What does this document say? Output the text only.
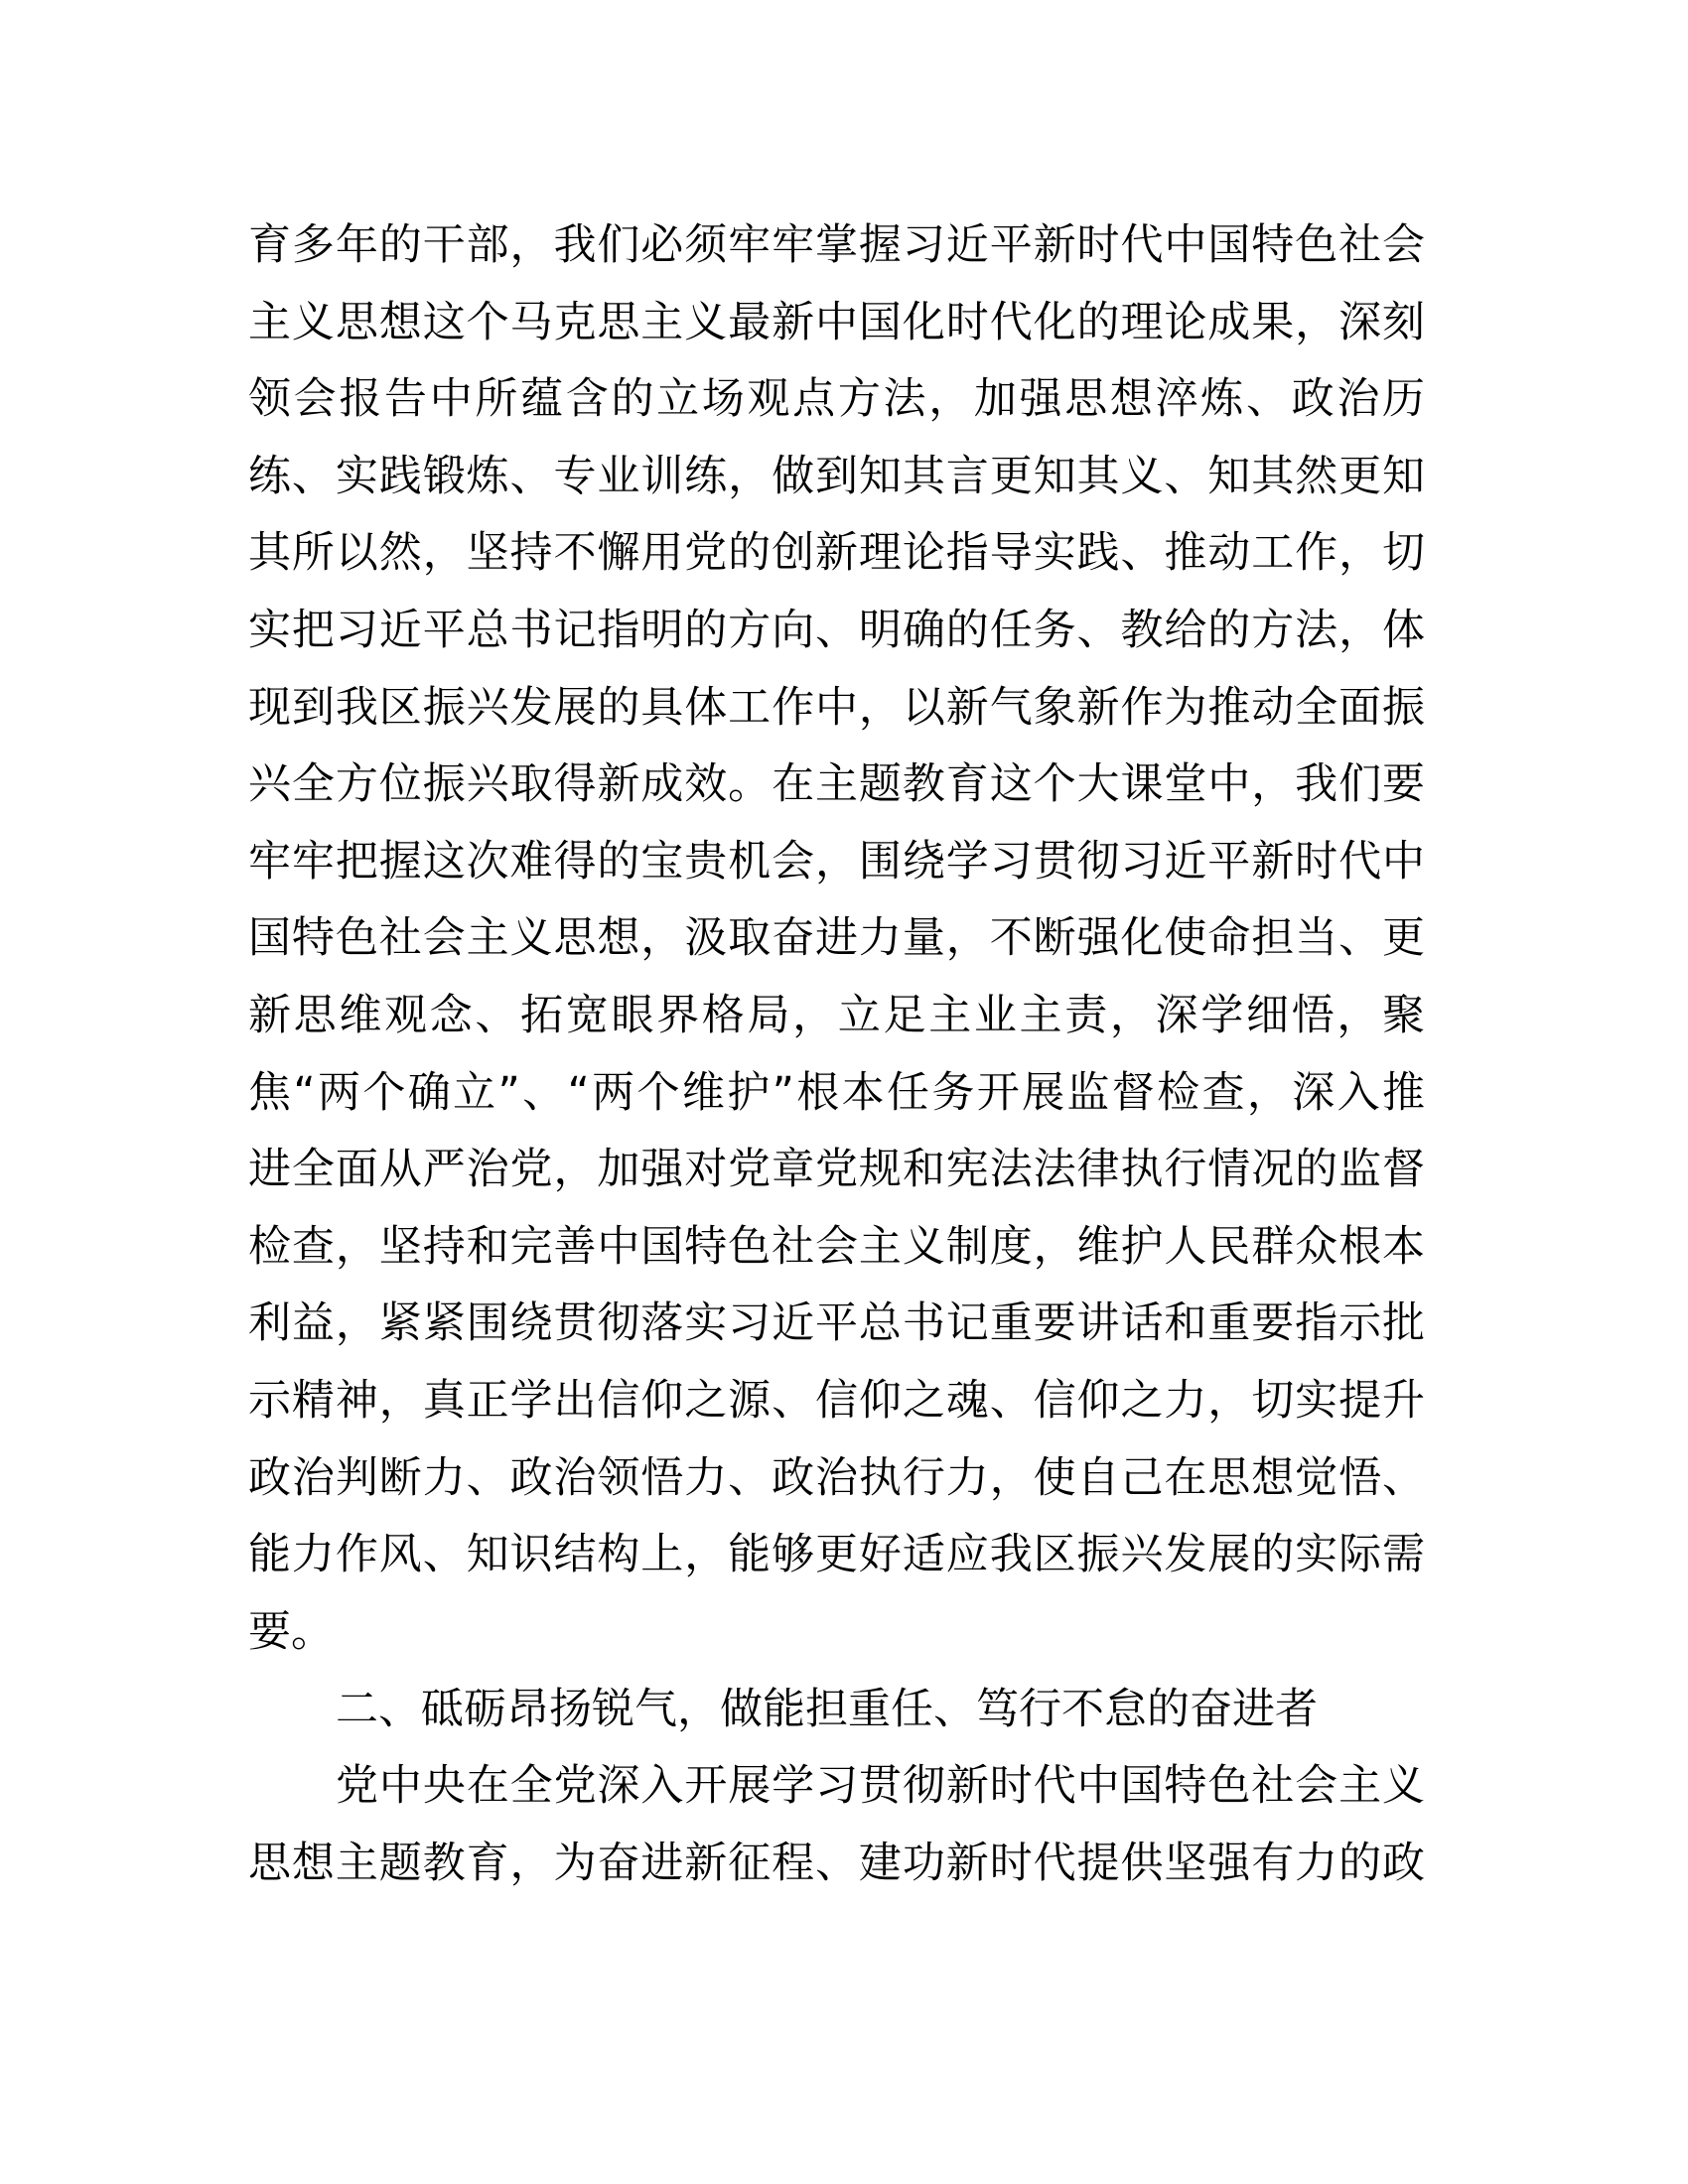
育多年的干部，我们必须牢牢掌握习近平新时代中国特色社会
主义思想这个马克思主义最新中国化时代化的理论成果，深刻
领会报告中所蕴含的立场观点方法，加强思想淬炼、政治历
练、实践锻炼、专业训练，做到知其言更知其义、知其然更知
其所以然，坚持不懈用党的创新理论指导实践、推动工作，切
实把习近平总书记指明的方向、明确的任务、教给的方法，体
现到我区振兴发展的具体工作中，以新气象新作为推动全面振
兴全方位振兴取得新成效。在主题教育这个大课堂中，我们要
牢牢把握这次难得的宝贵机会，围绕学习贯彻习近平新时代中
国特色社会主义思想，汲取奋进力量，不断强化使命担当、更
新思维观念、拓宽眼界格局，立足主业主责，深学细悟，聚
焦“两个确立”、“两个维护”根本任务开展监督检查，深入推
进全面从严治党，加强对党章党规和宪法法律执行情况的监督
检查，坚持和完善中国特色社会主义制度，维护人民群众根本
利益，紧紧围绕贯彻落实习近平总书记重要讲话和重要指示批
示精神，真正学出信仰之源、信仰之魂、信仰之力，切实提升
政治判断力、政治领悟力、政治执行力，使自己在思想觉悟、
能力作风、知识结构上，能够更好适应我区振兴发展的实际需
要。
二、砥砺昂扬锐气，做能担重任、笃行不怠的奋进者
党中央在全党深入开展学习贯彻新时代中国特色社会主义
思想主题教育，为奋进新征程、建功新时代提供坚强有力的政
